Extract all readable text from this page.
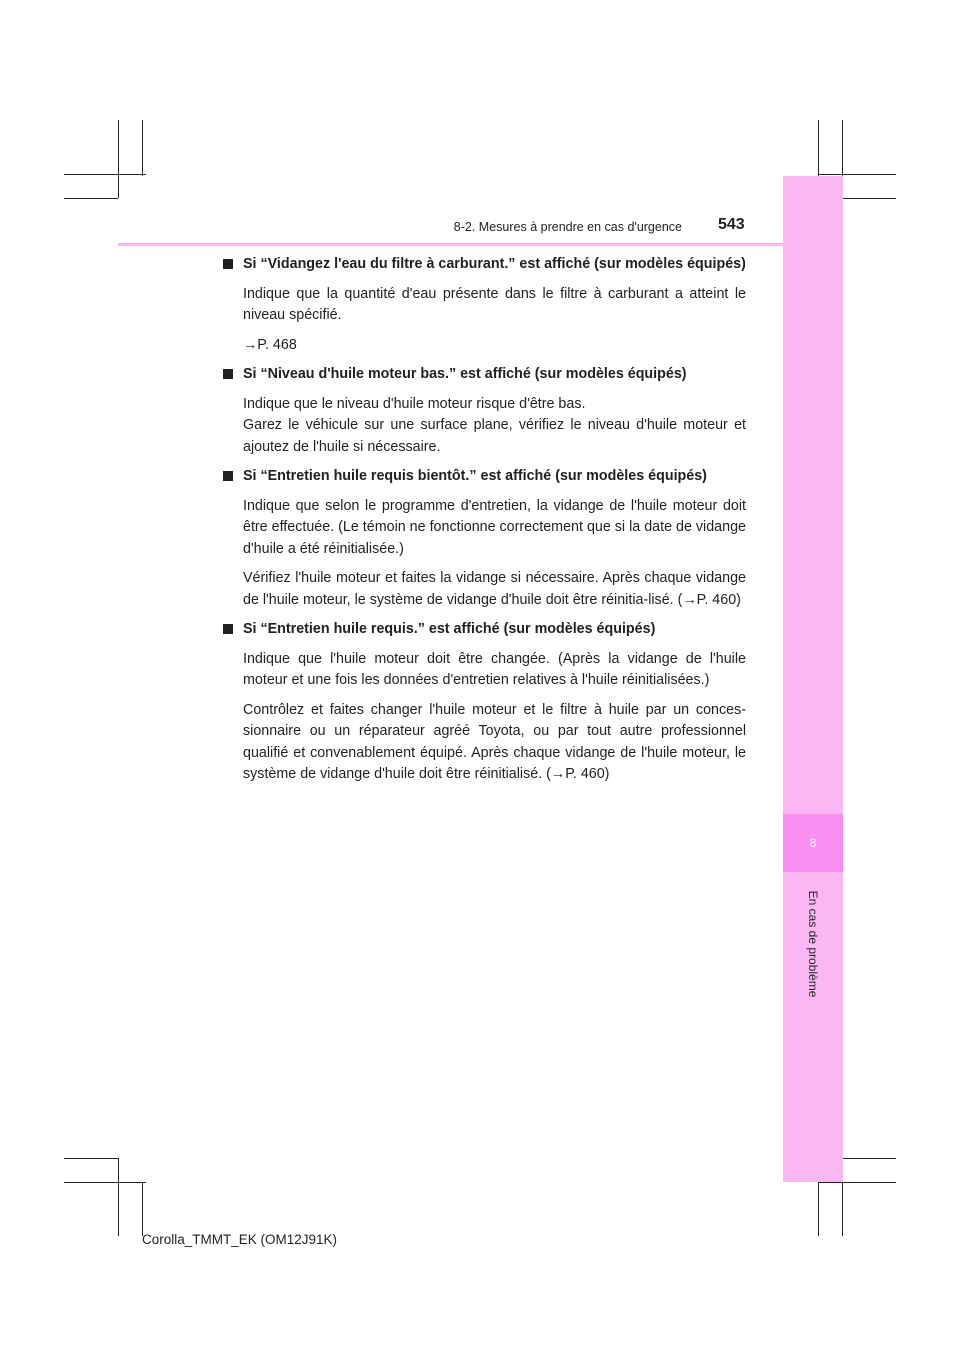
8-2. Mesures à prendre en cas d'urgence 543
8
En cas de problème
Si “Vidangez l'eau du filtre à carburant.” est affiché (sur modèles équipés)
Indique que la quantité d'eau présente dans le filtre à carburant a atteint le niveau spécifié.
→P. 468
Si “Niveau d'huile moteur bas.” est affiché (sur modèles équipés)
Indique que le niveau d'huile moteur risque d'être bas.
Garez le véhicule sur une surface plane, vérifiez le niveau d'huile moteur et ajoutez de l'huile si nécessaire.
Si “Entretien huile requis bientôt.” est affiché (sur modèles équipés)
Indique que selon le programme d'entretien, la vidange de l'huile moteur doit être effectuée. (Le témoin ne fonctionne correctement que si la date de vidange d'huile a été réinitialisée.)
Vérifiez l'huile moteur et faites la vidange si nécessaire. Après chaque vidange de l'huile moteur, le système de vidange d'huile doit être réinitia-lisé. (→P. 460)
Si “Entretien huile requis.” est affiché (sur modèles équipés)
Indique que l'huile moteur doit être changée. (Après la vidange de l'huile moteur et une fois les données d'entretien relatives à l'huile réinitialisées.)
Contrôlez et faites changer l'huile moteur et le filtre à huile par un conces-sionnaire ou un réparateur agréé Toyota, ou par tout autre professionnel qualifié et convenablement équipé. Après chaque vidange de l'huile moteur, le système de vidange d'huile doit être réinitialisé. (→P. 460)
Corolla_TMMT_EK (OM12J91K)
